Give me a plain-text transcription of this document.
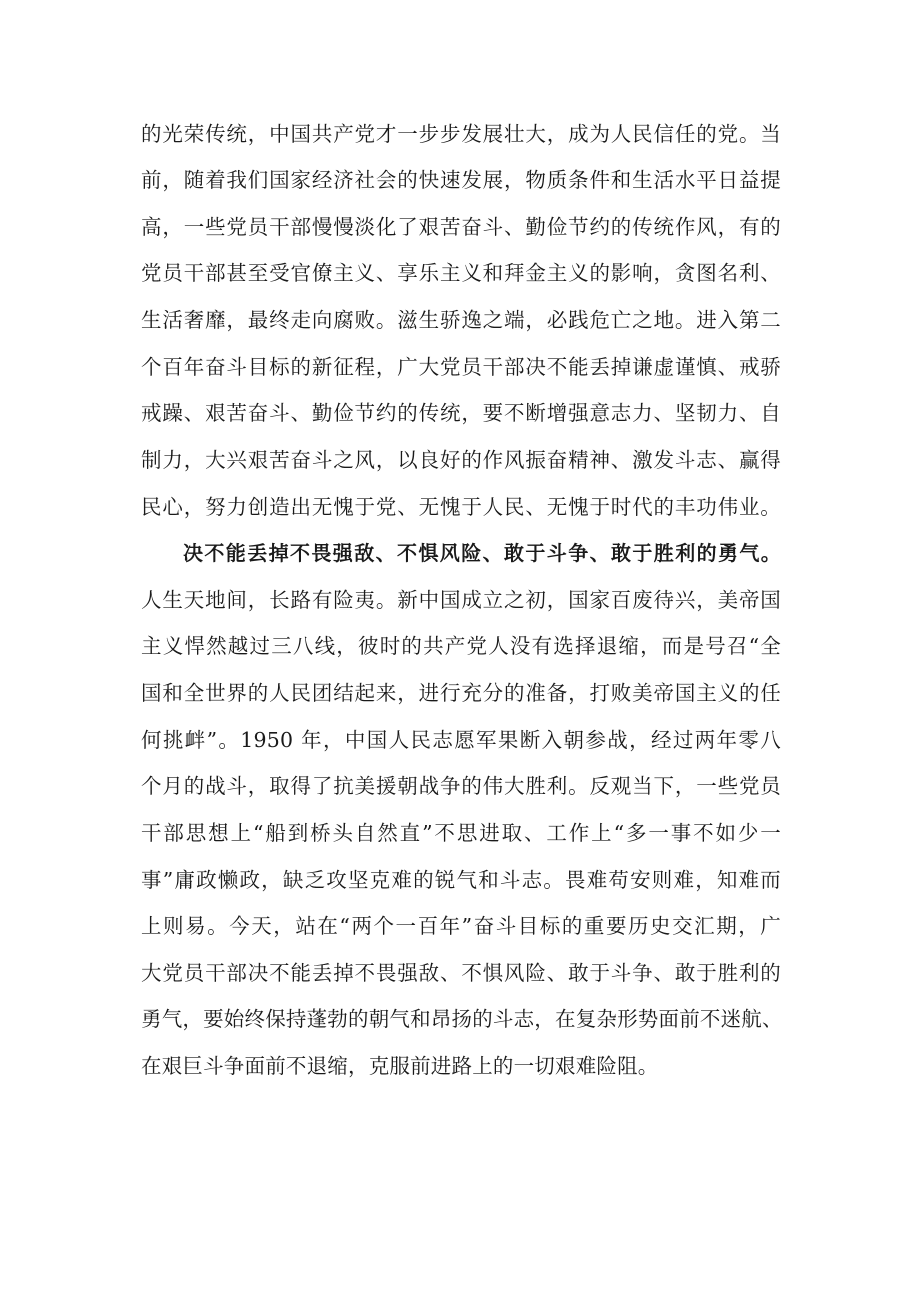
的光荣传统，中国共产党才一步步发展壮大，成为人民信任的党。当
前，随着我们国家经济社会的快速发展，物质条件和生活水平日益提
高，一些党员干部慢慢淡化了艰苦奋斗、勤俭节约的传统作风，有的
党员干部甚至受官僚主义、享乐主义和拜金主义的影响，贪图名利、
生活奢靡，最终走向腐败。滋生骄逸之端，必践危亡之地。进入第二
个百年奋斗目标的新征程，广大党员干部决不能丢掉谦虚谨慎、戒骄
戒躁、艰苦奋斗、勤俭节约的传统，要不断增强意志力、坚韧力、自
制力，大兴艰苦奋斗之风，以良好的作风振奋精神、激发斗志、赢得
民心，努力创造出无愧于党、无愧于人民、无愧于时代的丰功伟业。
决不能丢掉不畏强敌、不惧风险、敢于斗争、敢于胜利的勇气。
人生天地间，长路有险夷。新中国成立之初，国家百废待兴，美帝国
主义悍然越过三八线，彼时的共产党人没有选择退缩，而是号召“全
国和全世界的人民团结起来，进行充分的准备，打败美帝国主义的任
何挑衅”。1950 年，中国人民志愿军果断入朝参战，经过两年零八
个月的战斗，取得了抗美援朝战争的伟大胜利。反观当下，一些党员
干部思想上“船到桥头自然直”不思进取、工作上“多一事不如少一
事”庸政懒政，缺乏攻坚克难的锐气和斗志。畏难苟安则难，知难而
上则易。今天，站在“两个一百年”奋斗目标的重要历史交汇期，广
大党员干部决不能丢掉不畏强敌、不惧风险、敢于斗争、敢于胜利的
勇气，要始终保持蓬勃的朝气和昂扬的斗志，在复杂形势面前不迷航、
在艰巨斗争面前不退缩，克服前进路上的一切艰难险阻。
